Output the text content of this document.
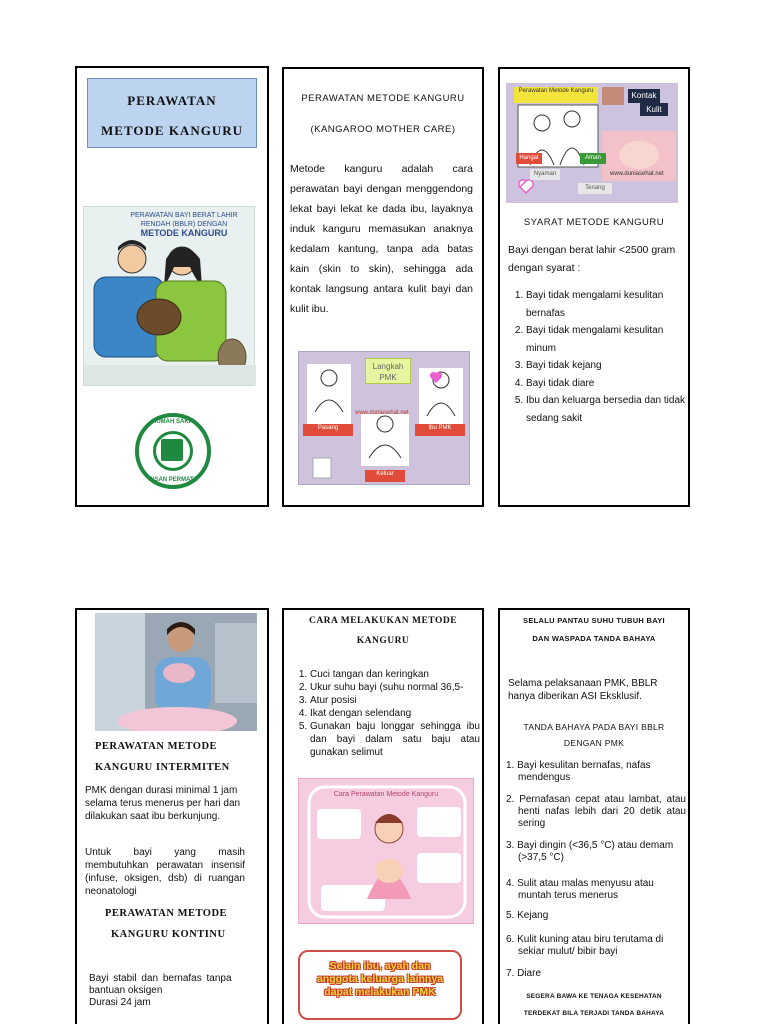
PERAWATAN
METODE KANGURU
PERAWATAN BAYI BERAT LAHIR
RENDAH (BBLR) DENGAN
METODE KANGURU
RUMAH SAKIT
INSAN PERMATA
PERAWATAN METODE KANGURU
(KANGAROO MOTHER CARE)
Metode kanguru adalah cara perawatan bayi dengan menggendong lekat bayi lekat ke dada ibu, layaknya induk kanguru memasukan anaknya kedalam kantung, tanpa ada batas kain (skin to skin), sehingga ada kontak langsung antara kulit bayi dan kulit ibu.
Langkah PMK
Pasang
Keluar
Ibu PMK
www.duniasehat.net
Perawatan Metode Kanguru	Kontak
Kulit
Hangat	Aman
Nyaman
Tenang
www.duniasehat.net
SYARAT METODE KANGURU
Bayi dengan berat lahir <2500 gram dengan syarat :
1. Bayi tidak mengalami kesulitan bernafas
2. Bayi tidak mengalami kesulitan minum
3. Bayi tidak kejang
4. Bayi tidak diare
5. Ibu dan keluarga bersedia dan tidak sedang sakit
PERAWATAN METODE
KANGURU INTERMITEN
PMK dengan durasi minimal 1 jam selama terus menerus per hari dan dilakukan saat ibu berkunjung.
Untuk bayi yang masih membutuhkan perawatan insensif (infuse, oksigen, dsb) di ruangan neonatologi
PERAWATAN METODE
KANGURU KONTINU
Bayi stabil dan bernafas tanpa
bantuan oksigen
Durasi 24 jam
CARA MELAKUKAN METODE
KANGURU
1. Cuci tangan dan keringkan
2. Ukur suhu bayi (suhu normal 36,5-
3. Atur posisi
4. Ikat dengan selendang
5. Gunakan baju longgar sehingga ibu dan bayi dalam satu baju atau gunakan selimut
Cara Perawatan Metode Kanguru
Selain ibu, ayah dan
anggota keluarga lainnya
dapat melakukan PMK
SELALU PANTAU SUHU TUBUH BAYI
DAN WASPADA TANDA BAHAYA
Selama pelaksanaan PMK, BBLR hanya diberikan ASI Eksklusif.
TANDA BAHAYA PADA BAYI BBLR
DENGAN PMK
1. Bayi kesulitan bernafas, nafas mendengus
2. Pernafasan cepat atau lambat, atau henti nafas lebih dari 20 detik atau sering
3. Bayi dingin (<36,5 °C) atau demam (>37,5 °C)
4. Sulit atau malas menyusu atau muntah terus menerus
5. Kejang
6. Kulit kuning atau biru terutama di sekiar mulut/ bibir bayi
7. Diare
SEGERA BAWA KE TENAGA KESEHATAN
TERDEKAT BILA TERJADI TANDA BAHAYA
